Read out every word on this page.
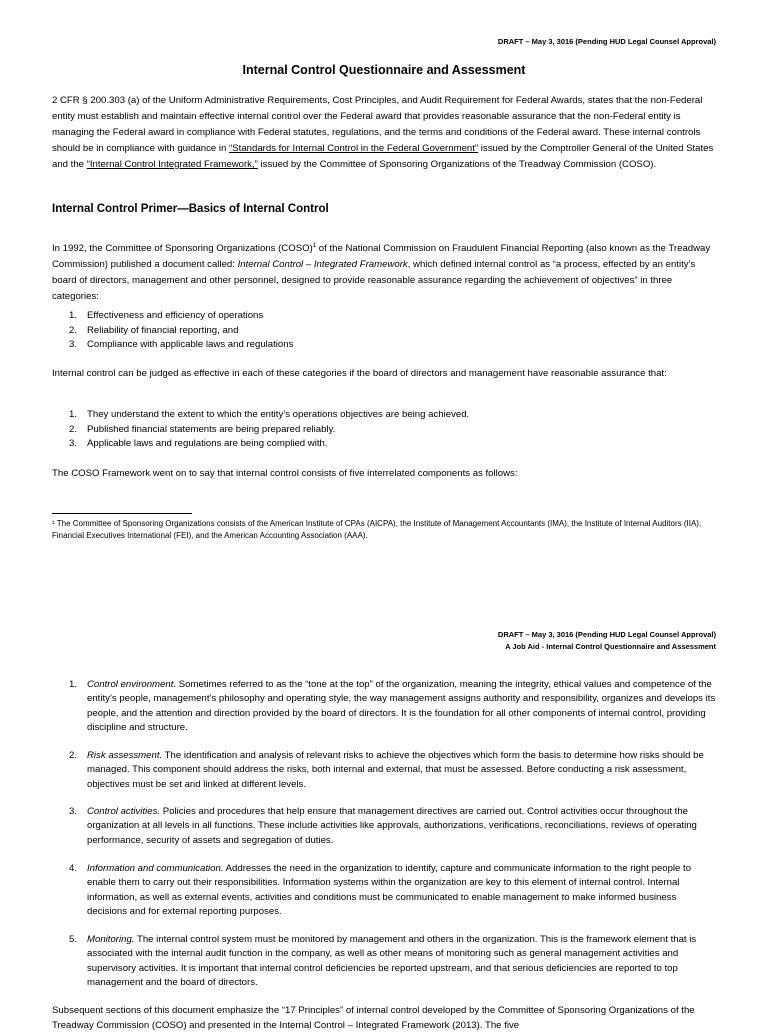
DRAFT – May 3, 3016 (Pending HUD Legal Counsel Approval)
Internal Control Questionnaire and Assessment
2 CFR § 200.303 (a) of the Uniform Administrative Requirements, Cost Principles, and Audit Requirement for Federal Awards, states that the non-Federal entity must establish and maintain effective internal control over the Federal award that provides reasonable assurance that the non-Federal entity is managing the Federal award in compliance with Federal statutes, regulations, and the terms and conditions of the Federal award. These internal controls should be in compliance with guidance in “Standards for Internal Control in the Federal Government” issued by the Comptroller General of the United States and the “Internal Control Integrated Framework,” issued by the Committee of Sponsoring Organizations of the Treadway Commission (COSO).
Internal Control Primer—Basics of Internal Control
In 1992, the Committee of Sponsoring Organizations (COSO)$^1$ of the National Commission on Fraudulent Financial Reporting (also known as the Treadway Commission) published a document called: Internal Control – Integrated Framework, which defined internal control as “a process, effected by an entity’s board of directors, management and other personnel, designed to provide reasonable assurance regarding the achievement of objectives” in three categories:
1. Effectiveness and efficiency of operations
2. Reliability of financial reporting, and
3. Compliance with applicable laws and regulations
Internal control can be judged as effective in each of these categories if the board of directors and management have reasonable assurance that:
1. They understand the extent to which the entity’s operations objectives are being achieved.
2. Published financial statements are being prepared reliably.
3. Applicable laws and regulations are being complied with.
The COSO Framework went on to say that internal control consists of five interrelated components as follows:
¹ The Committee of Sponsoring Organizations consists of the American Institute of CPAs (AICPA), the Institute of Management Accountants (IMA), the Institute of Internal Auditors (IIA), Financial Executives International (FEI), and the American Accounting Association (AAA).
DRAFT – May 3, 3016 (Pending HUD Legal Counsel Approval)
A Job Aid - Internal Control Questionnaire and Assessment
1. Control environment. Sometimes referred to as the “tone at the top” of the organization, meaning the integrity, ethical values and competence of the entity’s people, management’s philosophy and operating style, the way management assigns authority and responsibility, organizes and develops its people, and the attention and direction provided by the board of directors. It is the foundation for all other components of internal control, providing discipline and structure.
2. Risk assessment. The identification and analysis of relevant risks to achieve the objectives which form the basis to determine how risks should be managed. This component should address the risks, both internal and external, that must be assessed. Before conducting a risk assessment, objectives must be set and linked at different levels.
3. Control activities. Policies and procedures that help ensure that management directives are carried out. Control activities occur throughout the organization at all levels in all functions. These include activities like approvals, authorizations, verifications, reconciliations, reviews of operating performance, security of assets and segregation of duties.
4. Information and communication. Addresses the need in the organization to identify, capture and communicate information to the right people to enable them to carry out their responsibilities. Information systems within the organization are key to this element of internal control. Internal information, as well as external events, activities and conditions must be communicated to enable management to make informed business decisions and for external reporting purposes.
5. Monitoring. The internal control system must be monitored by management and others in the organization. This is the framework element that is associated with the internal audit function in the company, as well as other means of monitoring such as general management activities and supervisory activities. It is important that internal control deficiencies be reported upstream, and that serious deficiencies are reported to top management and the board of directors.
Subsequent sections of this document emphasize the “17 Principles” of internal control developed by the Committee of Sponsoring Organizations of the Treadway Commission (COSO) and presented in the Internal Control – Integrated Framework (2013). The five
